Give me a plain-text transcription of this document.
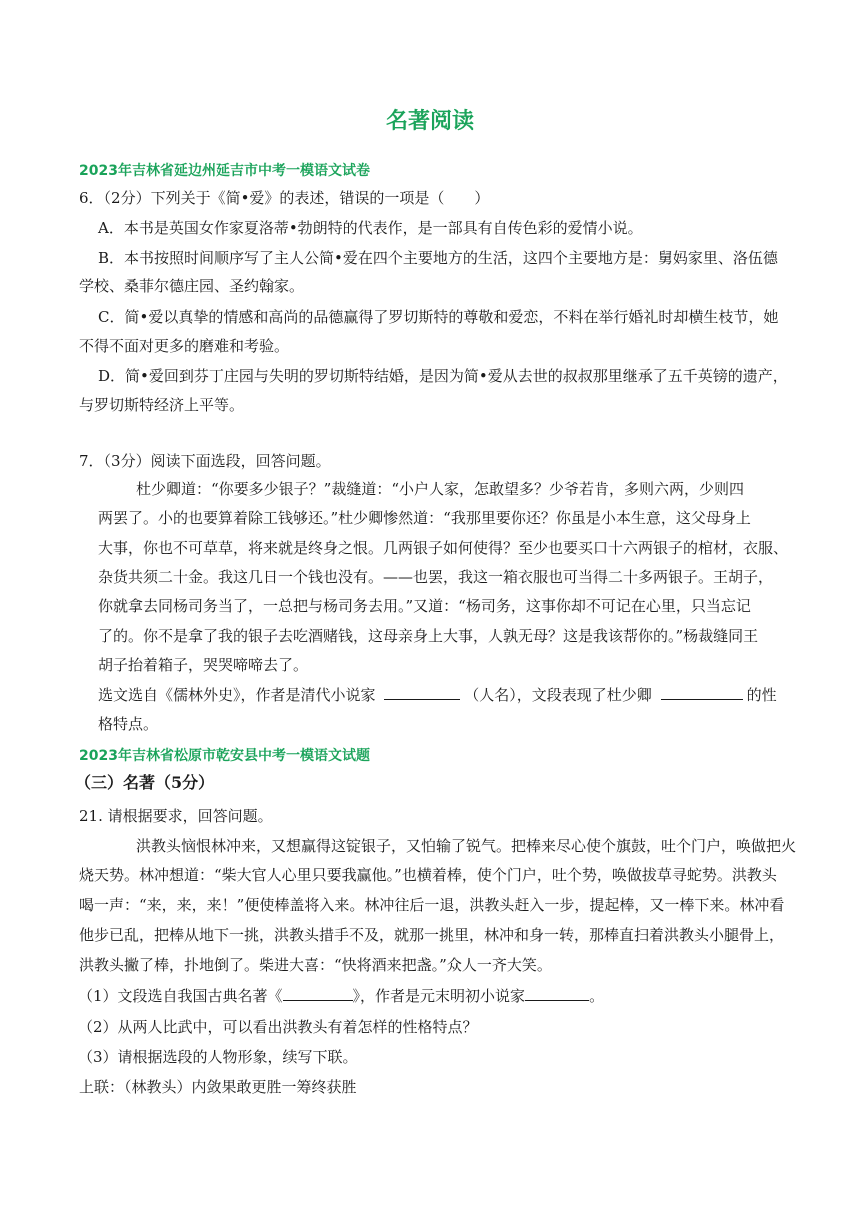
名著阅读
2023年吉林省延边州延吉市中考一模语文试卷
6．（2分）下列关于《简•爱》的表述，错误的一项是（　　）
A．本书是英国女作家夏洛蒂•勃朗特的代表作，是一部具有自传色彩的爱情小说。
B．本书按照时间顺序写了主人公简•爱在四个主要地方的生活，这四个主要地方是：舅妈家里、洛伍德
学校、桑菲尔德庄园、圣约翰家。
C．简•爱以真挚的情感和高尚的品德赢得了罗切斯特的尊敬和爱恋，不料在举行婚礼时却横生枝节，她
不得不面对更多的磨难和考验。
D．简•爱回到芬丁庄园与失明的罗切斯特结婚，是因为简•爱从去世的叔叔那里继承了五千英镑的遗产，
与罗切斯特经济上平等。
7．（3分）阅读下面选段，回答问题。
杜少卿道：“你要多少银子？”裁缝道：“小户人家，怎敢望多？少爷若肯，多则六两，少则四
两罢了。小的也要算着除工钱够还。”杜少卿惨然道：“我那里要你还？你虽是小本生意，这父母身上
大事，你也不可草草，将来就是终身之恨。几两银子如何使得？至少也要买口十六两银子的棺材，衣服、
杂货共须二十金。我这几日一个钱也没有。——也罢，我这一箱衣服也可当得二十多两银子。王胡子，
你就拿去同杨司务当了，一总把与杨司务去用。”又道：“杨司务，这事你却不可记在心里，只当忘记
了的。你不是拿了我的银子去吃酒赌钱，这母亲身上大事，人孰无母？这是我该帮你的。”杨裁缝同王
胡子抬着箱子，哭哭啼啼去了。
选文选自《儒林外史》，作者是清代小说家	（人名），文段表现了杜少卿	的性
格特点。
2023年吉林省松原市乾安县中考一模语文试题
（三）名著（5分）
21. 请根据要求，回答问题。
洪教头恼恨林冲来，又想赢得这锭银子，又怕输了锐气。把棒来尽心使个旗鼓，吐个门户，唤做把火
烧天势。林冲想道：“柴大官人心里只要我赢他。”也横着棒，使个门户，吐个势，唤做拔草寻蛇势。洪教头
喝一声：“来，来，来！”便使棒盖将入来。林冲往后一退，洪教头赶入一步，提起棒，又一棒下来。林冲看
他步已乱，把棒从地下一挑，洪教头措手不及，就那一挑里，林冲和身一转，那棒直扫着洪教头小腿骨上，
洪教头撇了棒，扑地倒了。柴进大喜：“快将酒来把盏。”众人一齐大笑。
（1）文段选自我国古典名著《	》，作者是元末明初小说家	。
（2）从两人比武中，可以看出洪教头有着怎样的性格特点？
（3）请根据选段的人物形象，续写下联。
上联：（林教头）内敛果敢更胜一筹终获胜
